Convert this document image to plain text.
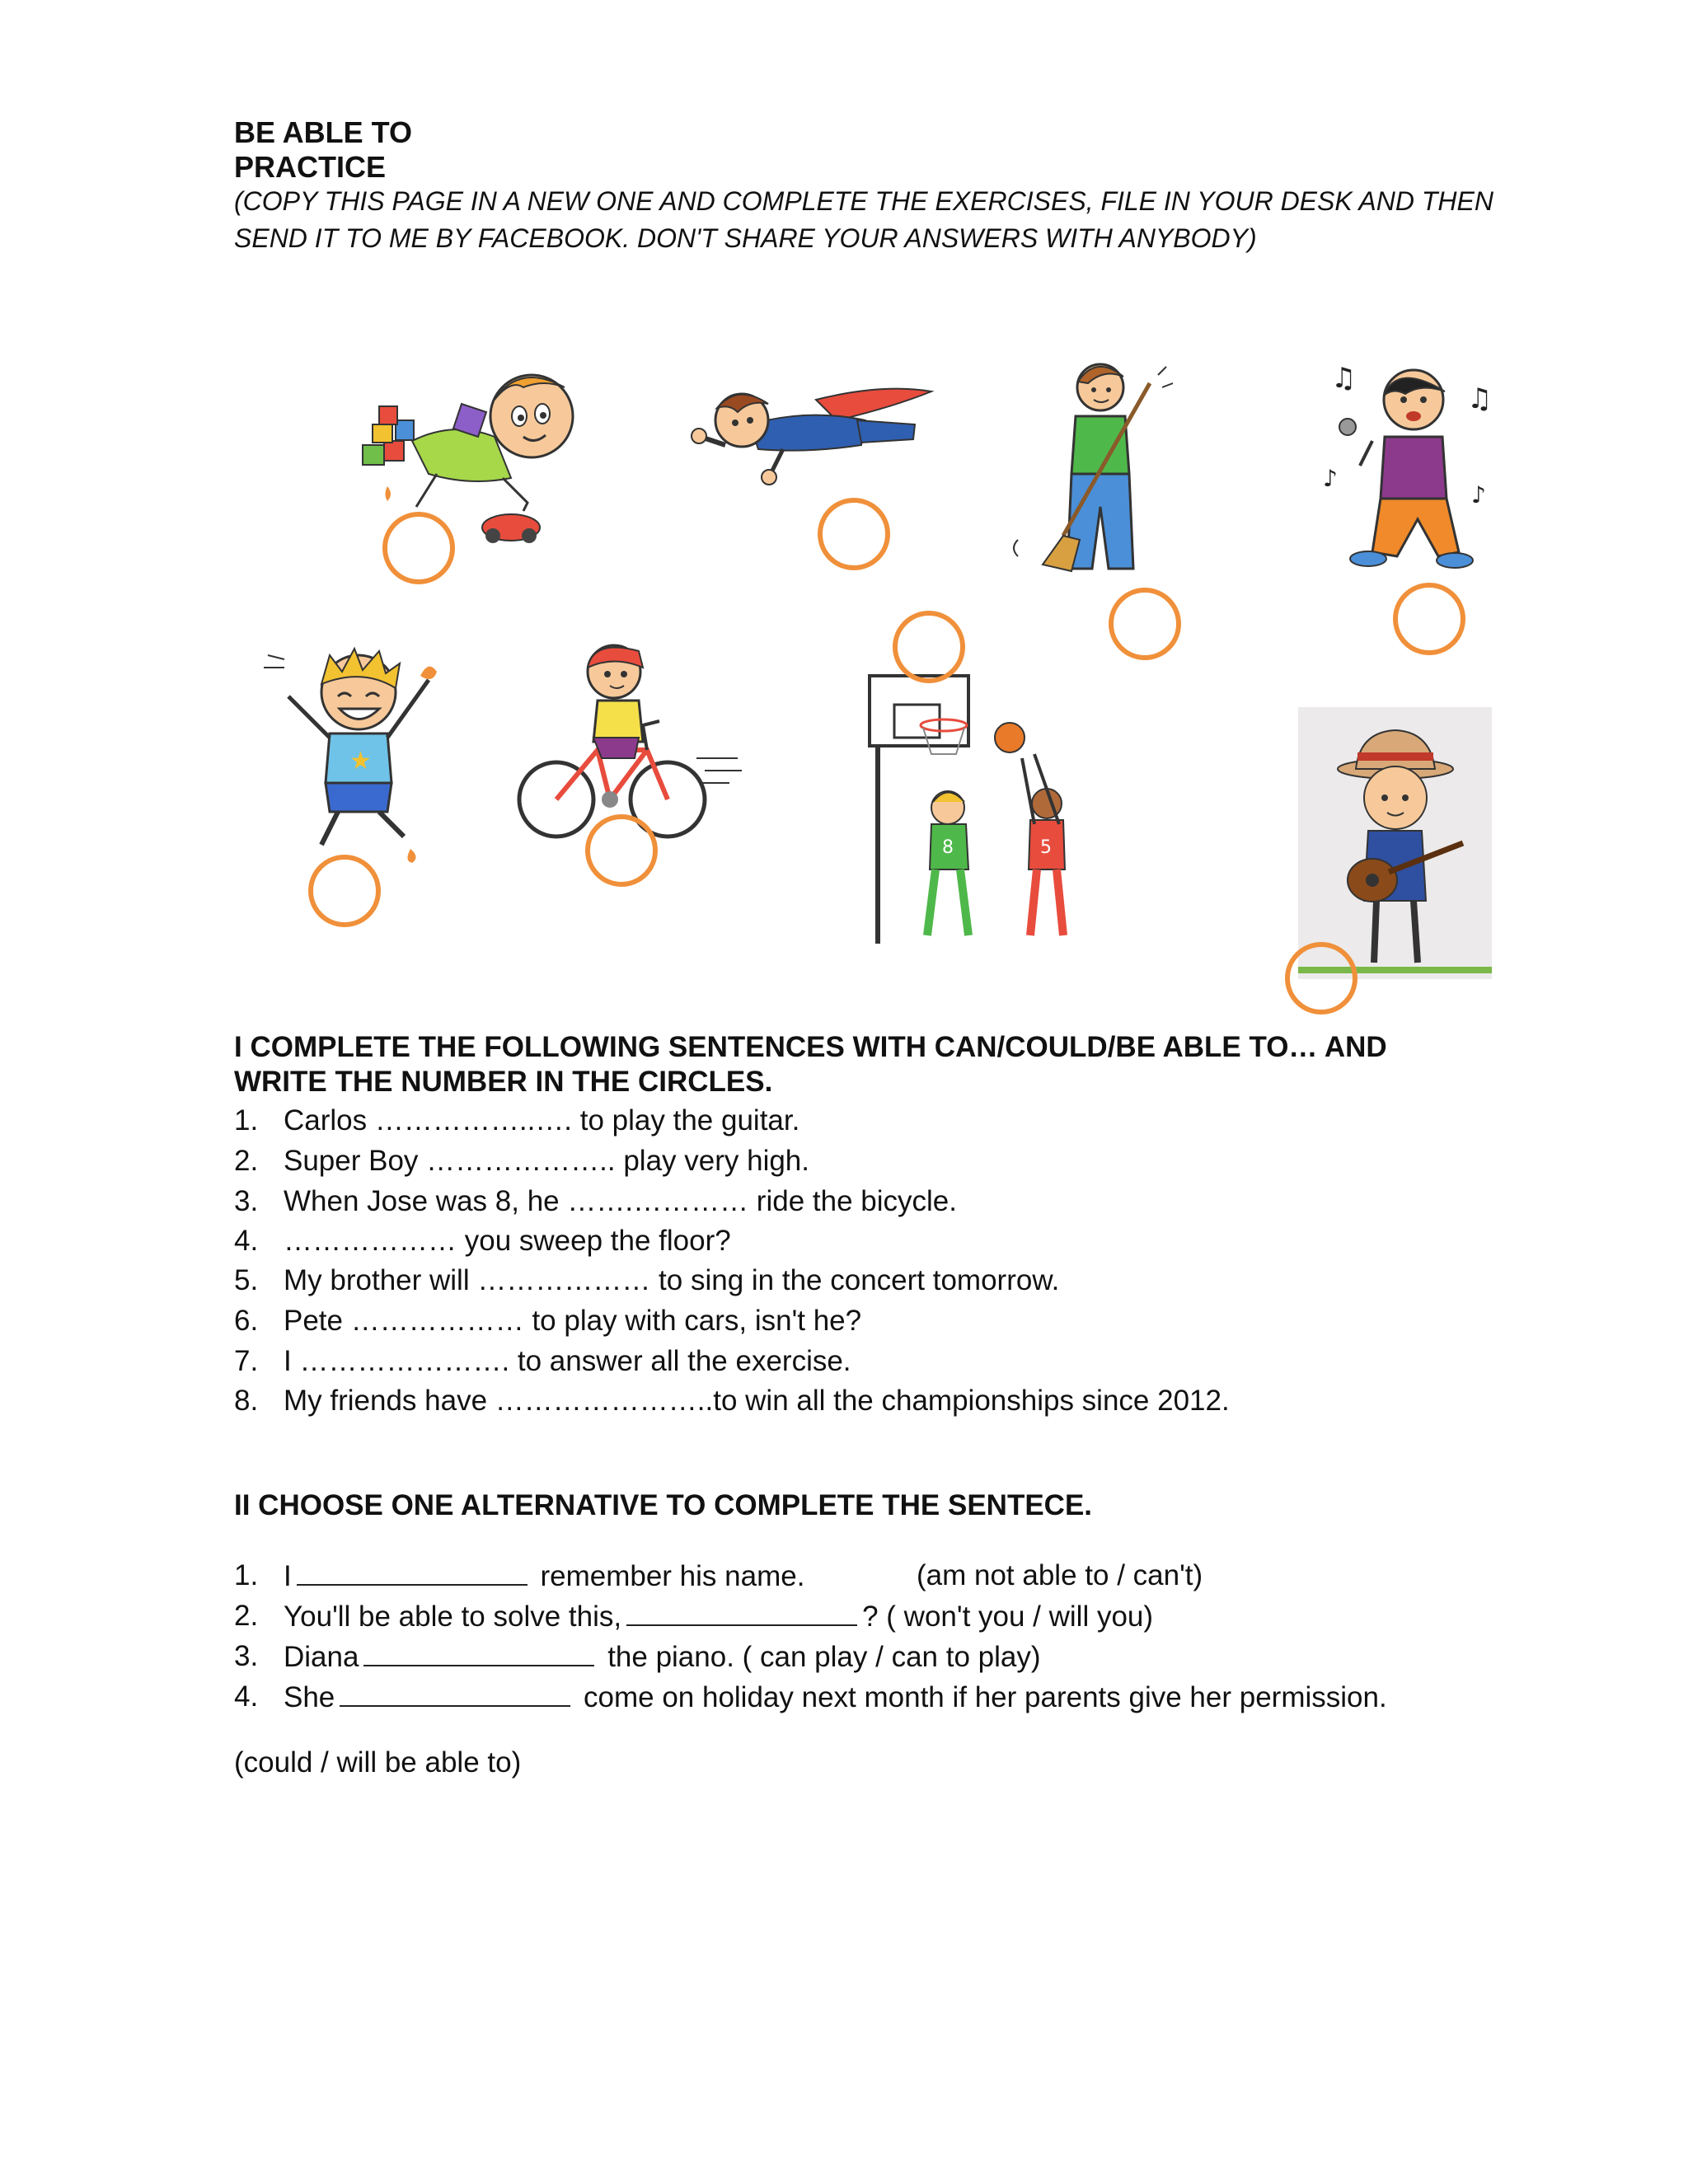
BE ABLE TO
PRACTICE
(COPY THIS PAGE IN A NEW ONE AND COMPLETE THE EXERCISES, FILE IN YOUR DESK AND THEN
SEND IT TO ME BY FACEBOOK. DON'T SHARE YOUR ANSWERS WITH ANYBODY)
♫
♫
♪
♪
★
8	5
I COMPLETE THE FOLLOWING SENTENCES WITH CAN/COULD/BE ABLE TO… AND
WRITE THE NUMBER IN THE CIRCLES.
1. Carlos ……………..…. to play the guitar.
2. Super Boy ……………….. play very high.
3. When Jose was 8, he …….………… ride the bicycle.
4. ……………… you sweep the floor?
5. My brother will ……………… to sing in the concert tomorrow.
6. Pete ……………… to play with cars, isn't he?
7. I …………………. to answer all the exercise.
8. My friends have …………………..to win all the championships since 2012.
II CHOOSE ONE ALTERNATIVE TO COMPLETE THE SENTECE.
1. I	remember his name.	(am not able to / can't)
2. You'll be able to solve this,	? ( won't you / will you)
3. Diana	the piano. ( can play / can to play)
4. She	come on holiday next month if her parents give her permission.
(could / will be able to)
